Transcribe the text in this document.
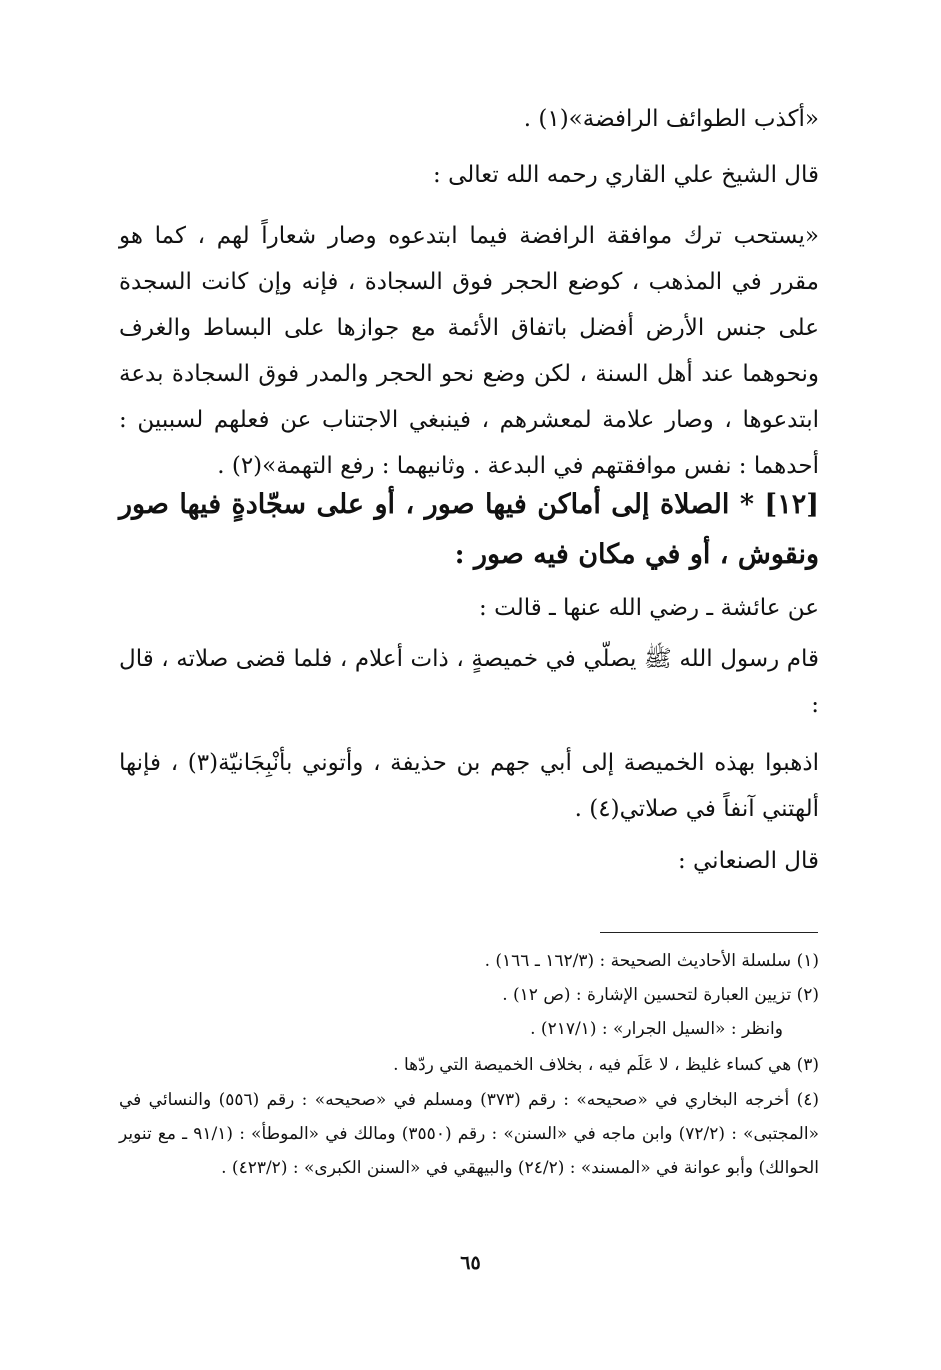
«أكذب الطوائف الرافضة»(١) .
قال الشيخ علي القاري رحمه الله تعالى :
«يستحب ترك موافقة الرافضة فيما ابتدعوه وصار شعاراً لهم ، كما هو مقرر في المذهب ، كوضع الحجر فوق السجادة ، فإنه وإن كانت السجدة على جنس الأرض أفضل باتفاق الأئمة مع جوازها على البساط والغرف ونحوهما عند أهل السنة ، لكن وضع نحو الحجر والمدر فوق السجادة بدعة ابتدعوها ، وصار علامة لمعشرهم ، فينبغي الاجتناب عن فعلهم لسببين : أحدهما : نفس موافقتهم في البدعة . وثانيهما : رفع التهمة»(٢) .
[١٢] * الصلاة إلى أماكن فيها صور ، أو على سجّادةٍ فيها صور ونقوش ، أو في مكان فيه صور :
عن عائشة ـ رضي الله عنها ـ قالت :
قام رسول الله ﷺ يصلّي في خميصةٍ ، ذات أعلام ، فلما قضى صلاته ، قال :
اذهبوا بهذه الخميصة إلى أبي جهم بن حذيفة ، وأتوني بأنْبِجَانيّة(٣) ، فإنها ألهتني آنفاً في صلاتي(٤) .
قال الصنعاني :
(١) سلسلة الأحاديث الصحيحة : (١٦٢/٣ ـ ١٦٦) .
(٢) تزيين العبارة لتحسين الإشارة : (ص ١٢) .
وانظر : «السيل الجرار» : (٢١٧/١) .
(٣) هي كساء غليظ ، لا عَلَم فيه ، بخلاف الخميصة التي ردّها .
(٤) أخرجه البخاري في «صحيحه» : رقم (٣٧٣) ومسلم في «صحيحه» : رقم (٥٥٦) والنسائي في «المجتبى» : (٧٢/٢) وابن ماجه في «السنن» : رقم (٣٥٥٠) ومالك في «الموطأ» : (٩١/١ ـ مع تنوير الحوالك) وأبو عوانة في «المسند» : (٢٤/٢) والبيهقي في «السنن الكبرى» : (٤٢٣/٢) .
٦٥
